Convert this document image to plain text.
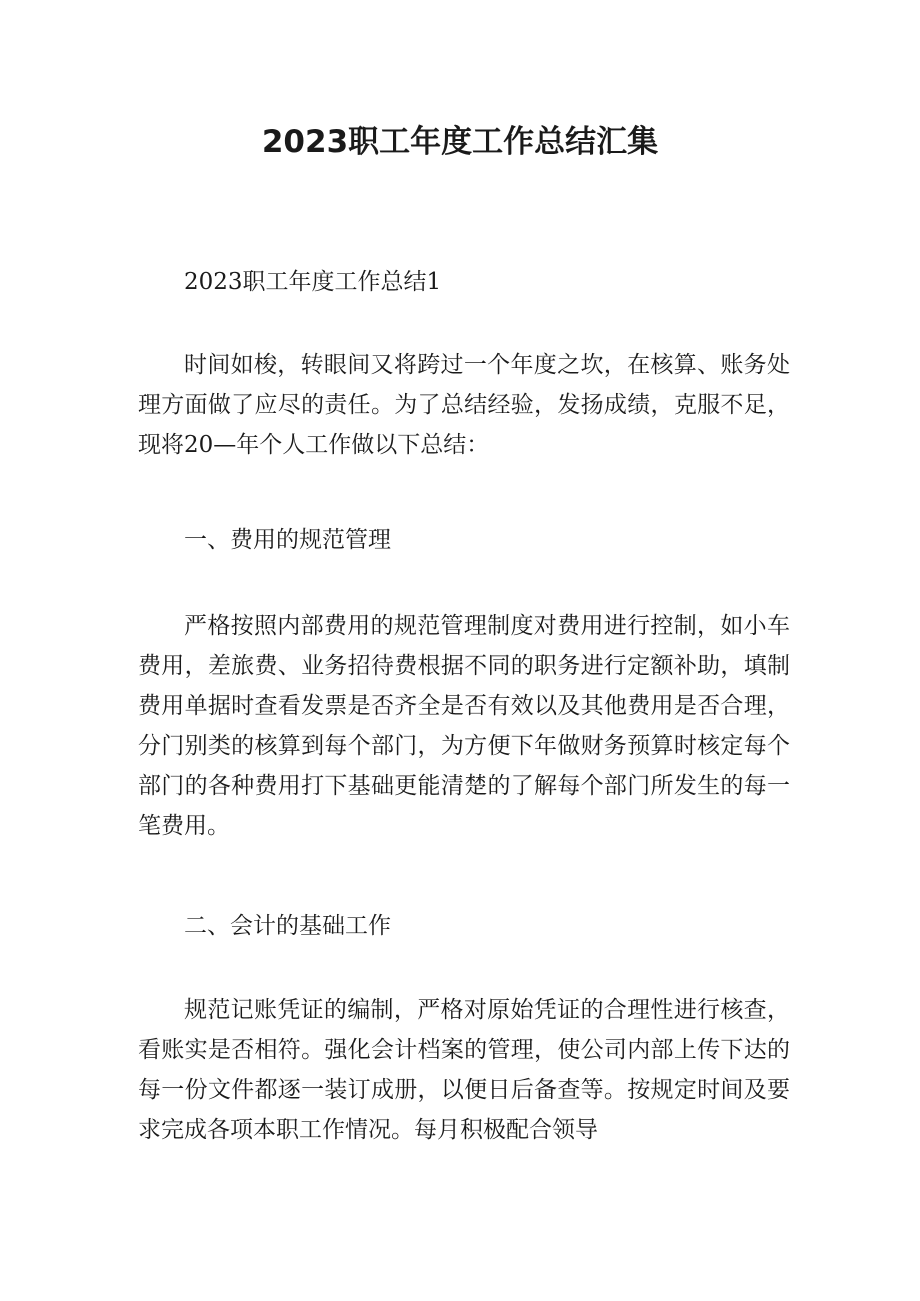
2023职工年度工作总结汇集

2023职工年度工作总结1

时间如梭，转眼间又将跨过一个年度之坎，在核算、账务处理方面做了应尽的责任。为了总结经验，发扬成绩，克服不足，现将20—年个人工作做以下总结：

一、费用的规范管理

严格按照内部费用的规范管理制度对费用进行控制，如小车费用，差旅费、业务招待费根据不同的职务进行定额补助，填制费用单据时查看发票是否齐全是否有效以及其他费用是否合理，分门别类的核算到每个部门，为方便下年做财务预算时核定每个部门的各种费用打下基础更能清楚的了解每个部门所发生的每一笔费用。

二、会计的基础工作

规范记账凭证的编制，严格对原始凭证的合理性进行核查，看账实是否相符。强化会计档案的管理，使公司内部上传下达的每一份文件都逐一装订成册，以便日后备查等。按规定时间及要求完成各项本职工作情况。每月积极配合领导
